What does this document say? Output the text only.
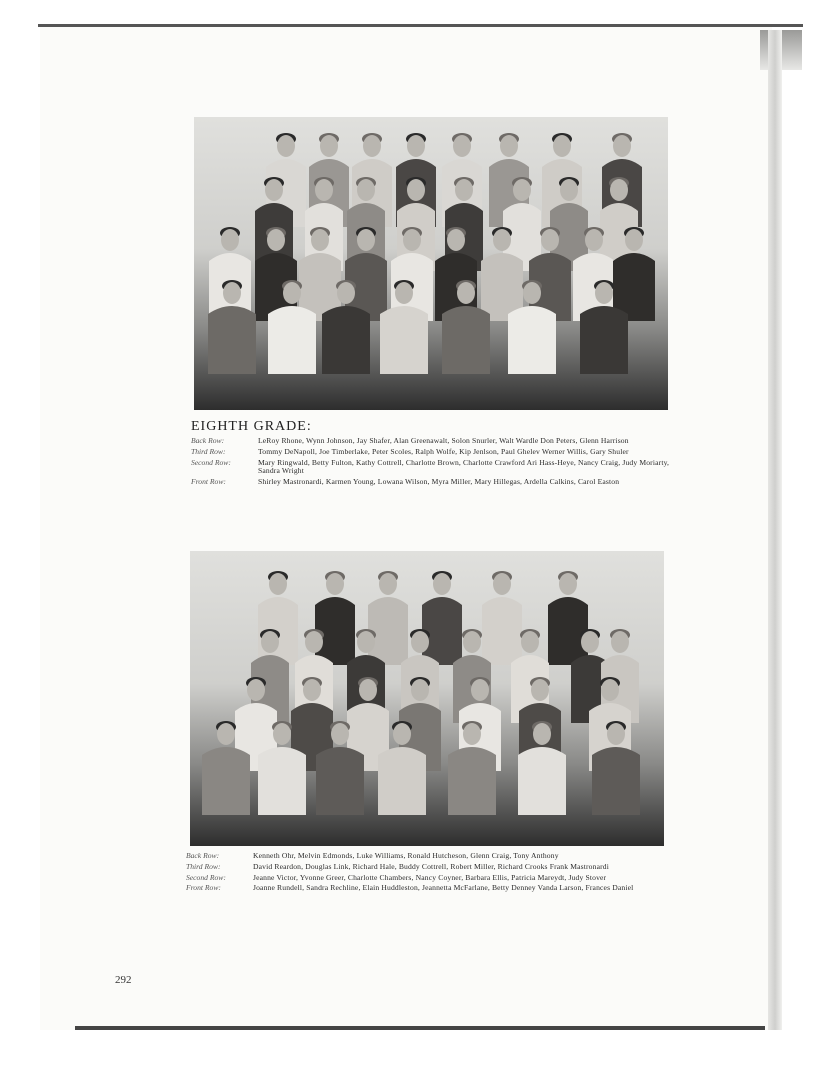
EIGHTH GRADE:
Back Row:	LeRoy Rhone, Wynn Johnson, Jay Shafer, Alan Greenawalt, Solon Snurler, Walt Wardle Don Peters, Glenn Harrison
Third Row:	Tommy DeNapoll, Joe Timberlake, Peter Scoles, Ralph Wolfe, Kip Jenlson, Paul Ghelev Werner Willis, Gary Shuler
Second Row:	Mary Ringwald, Betty Fulton, Kathy Cottrell, Charlotte Brown, Charlotte Crawford Ari Hass-Heye, Nancy Craig, Judy Moriarty, Sandra Wright
Front Row:	Shirley Mastronardi, Karmen Young, Lowana Wilson, Myra Miller, Mary Hillegas, Ardella Calkins, Carol Easton
Back Row:	Kenneth Ohr, Melvin Edmonds, Luke Williams, Ronald Hutcheson, Glenn Craig, Tony Anthony
Third Row:	David Reardon, Douglas Link, Richard Hale, Buddy Cottrell, Robert Miller, Richard Crooks Frank Mastronardi
Second Row:	Jeanne Victor, Yvonne Greer, Charlotte Chambers, Nancy Coyner, Barbara Ellis, Patricia Mareydt, Judy Stover
Front Row:	Joanne Rundell, Sandra Rechline, Elain Huddleston, Jeannetta McFarlane, Betty Denney Vanda Larson, Frances Daniel
292
